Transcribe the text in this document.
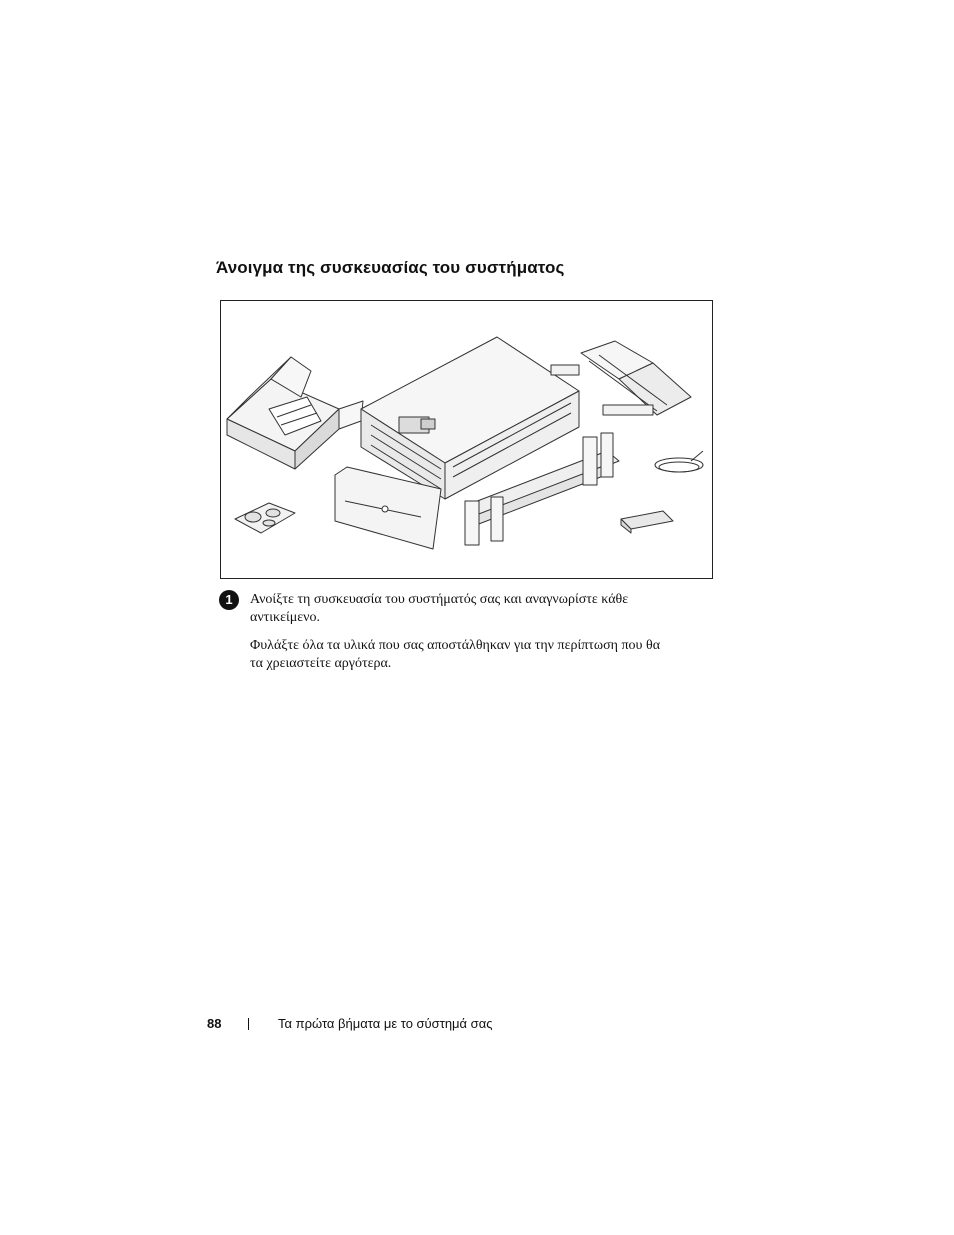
Άνοιγμα της συσκευασίας του συστήματος
1	Ανοίξτε τη συσκευασία του συστήματός σας και αναγνωρίστε κάθε αντικείμενο.

Φυλάξτε όλα τα υλικά που σας αποστάλθηκαν για την περίπτωση που θα τα χρειαστείτε αργότερα.

88	Τα πρώτα βήματα με το σύστημά σας
